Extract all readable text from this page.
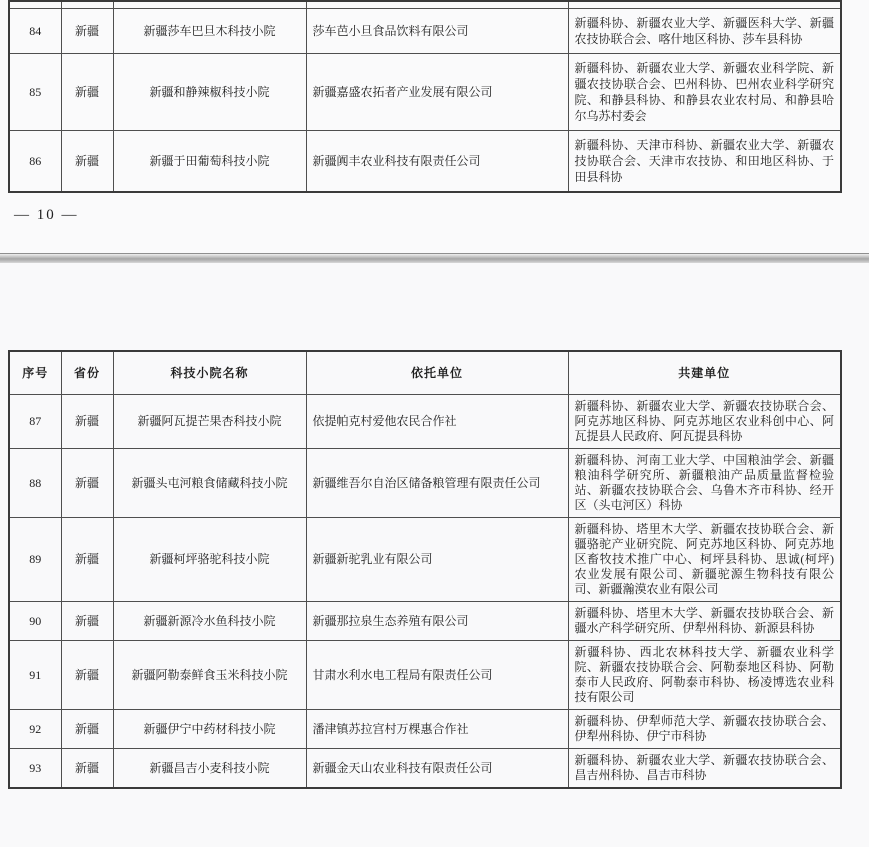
84	新疆	新疆莎车巴旦木科技小院	莎车芭小旦食品饮料有限公司	新疆科协、新疆农业大学、新疆医科大学、新疆农技协联合会、喀什地区科协、莎车县科协
85	新疆	新疆和静辣椒科技小院	新疆嘉盛农拓者产业发展有限公司	新疆科协、新疆农业大学、新疆农业科学院、新疆农技协联合会、巴州科协、巴州农业科学研究院、和静县科协、和静县农业农村局、和静县哈尔乌苏村委会
86	新疆	新疆于田葡萄科技小院	新疆阗丰农业科技有限责任公司	新疆科协、天津市科协、新疆农业大学、新疆农技协联合会、天津市农技协、和田地区科协、于田县科协
— 10 —
序号	省份	科技小院名称	依托单位	共建单位
87	新疆	新疆阿瓦提芒果杏科技小院	依提帕克村爱他农民合作社	新疆科协、新疆农业大学、新疆农技协联合会、阿克苏地区科协、阿克苏地区农业科创中心、阿瓦提县人民政府、阿瓦提县科协
88	新疆	新疆头屯河粮食储藏科技小院	新疆维吾尔自治区储备粮管理有限责任公司	新疆科协、河南工业大学、中国粮油学会、新疆粮油科学研究所、新疆粮油产品质量监督检验站、新疆农技协联合会、乌鲁木齐市科协、经开区（头屯河区）科协
89	新疆	新疆柯坪骆驼科技小院	新疆新驼乳业有限公司	新疆科协、塔里木大学、新疆农技协联合会、新疆骆驼产业研究院、阿克苏地区科协、阿克苏地区畜牧技术推广中心、柯坪县科协、思诚(柯坪)农业发展有限公司、新疆驼源生物科技有限公司、新疆瀚漠农业有限公司
90	新疆	新疆新源冷水鱼科技小院	新疆那拉泉生态养殖有限公司	新疆科协、塔里木大学、新疆农技协联合会、新疆水产科学研究所、伊犁州科协、新源县科协
91	新疆	新疆阿勒泰鲜食玉米科技小院	甘肃水利水电工程局有限责任公司	新疆科协、西北农林科技大学、新疆农业科学院、新疆农技协联合会、阿勒泰地区科协、阿勒泰市人民政府、阿勒泰市科协、杨凌博选农业科技有限公司
92	新疆	新疆伊宁中药材科技小院	潘津镇苏拉宫村万棵惠合作社	新疆科协、伊犁师范大学、新疆农技协联合会、伊犁州科协、伊宁市科协
93	新疆	新疆昌吉小麦科技小院	新疆金天山农业科技有限责任公司	新疆科协、新疆农业大学、新疆农技协联合会、昌吉州科协、昌吉市科协
